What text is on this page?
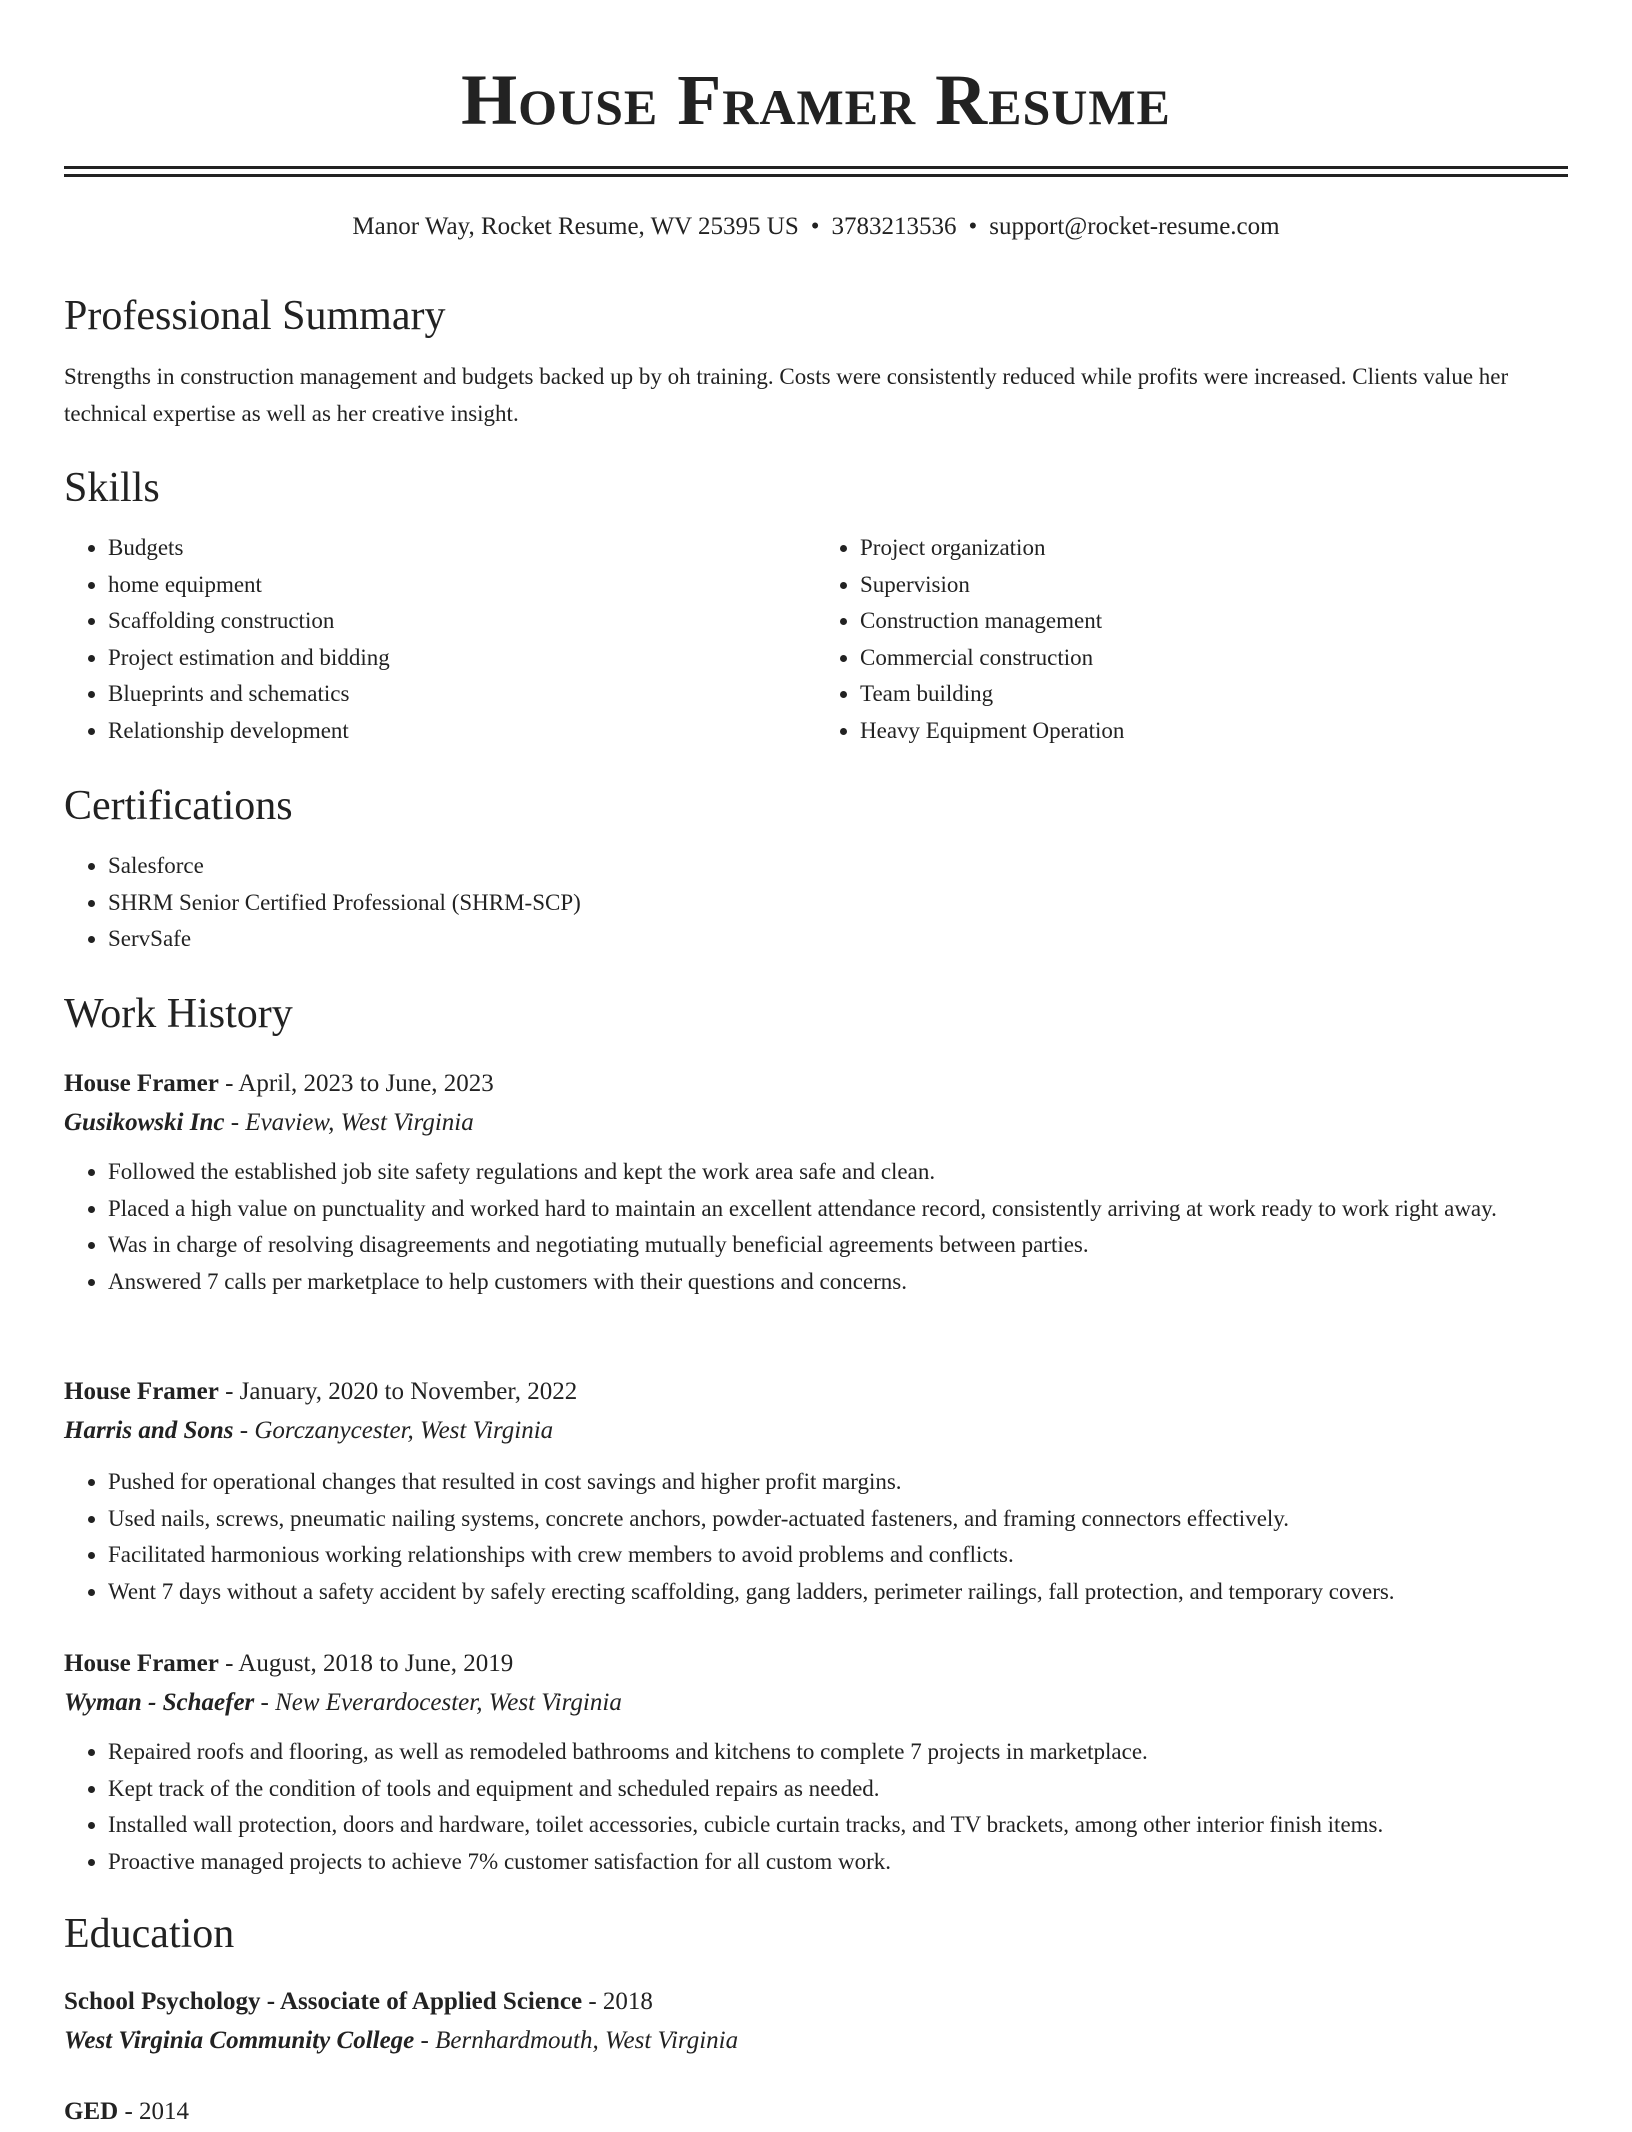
House Framer Resume
Manor Way, Rocket Resume, WV 25395 US • 3783213536 • support@rocket-resume.com
Professional Summary

Strengths in construction management and budgets backed up by oh training. Costs were consistently reduced while profits were increased. Clients value her technical expertise as well as her creative insight.

Skills
• Budgets
• home equipment
• Scaffolding construction
• Project estimation and bidding
• Blueprints and schematics
• Relationship development
• Project organization
• Supervision
• Construction management
• Commercial construction
• Team building
• Heavy Equipment Operation
Certifications
• Salesforce
• SHRM Senior Certified Professional (SHRM-SCP)
• ServSafe
Work History
House Framer - April, 2023 to June, 2023
Gusikowski Inc - Evaview, West Virginia
• Followed the established job site safety regulations and kept the work area safe and clean.
• Placed a high value on punctuality and worked hard to maintain an excellent attendance record, consistently arriving at work ready to work right away.
• Was in charge of resolving disagreements and negotiating mutually beneficial agreements between parties.
• Answered 7 calls per marketplace to help customers with their questions and concerns.
House Framer - January, 2020 to November, 2022
Harris and Sons - Gorczanycester, West Virginia
• Pushed for operational changes that resulted in cost savings and higher profit margins.
• Used nails, screws, pneumatic nailing systems, concrete anchors, powder-actuated fasteners, and framing connectors effectively.
• Facilitated harmonious working relationships with crew members to avoid problems and conflicts.
• Went 7 days without a safety accident by safely erecting scaffolding, gang ladders, perimeter railings, fall protection, and temporary covers.
House Framer - August, 2018 to June, 2019
Wyman - Schaefer - New Everardocester, West Virginia
• Repaired roofs and flooring, as well as remodeled bathrooms and kitchens to complete 7 projects in marketplace.
• Kept track of the condition of tools and equipment and scheduled repairs as needed.
• Installed wall protection, doors and hardware, toilet accessories, cubicle curtain tracks, and TV brackets, among other interior finish items.
• Proactive managed projects to achieve 7% customer satisfaction for all custom work.
Education
School Psychology - Associate of Applied Science - 2018
West Virginia Community College - Bernhardmouth, West Virginia
GED - 2014
